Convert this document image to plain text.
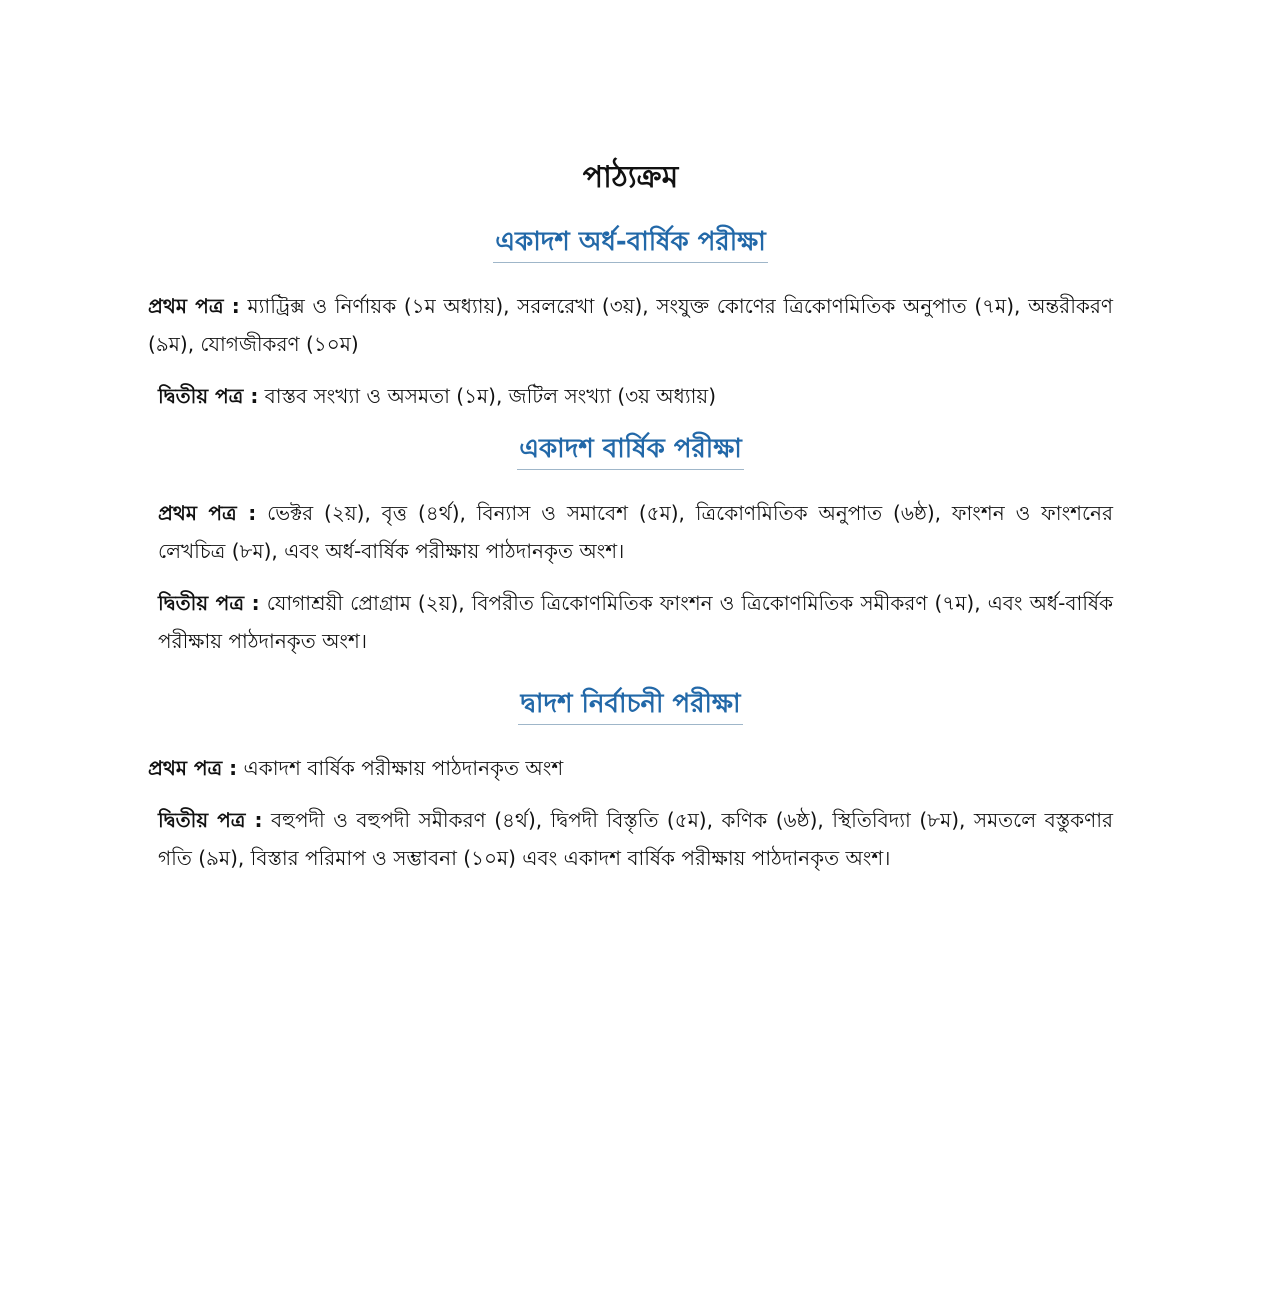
পাঠ্যক্রম
একাদশ অর্ধ-বার্ষিক পরীক্ষা

প্রথম পত্র : ম্যাট্রিক্স ও নির্ণায়ক (১ম অধ্যায়), সরলরেখা (৩য়), সংযুক্ত কোণের ত্রিকোণমিতিক অনুপাত (৭ম), অন্তরীকরণ (৯ম), যোগজীকরণ (১০ম)

দ্বিতীয় পত্র : বাস্তব সংখ্যা ও অসমতা (১ম), জটিল সংখ্যা (৩য় অধ্যায়)

একাদশ বার্ষিক পরীক্ষা

প্রথম পত্র : ভেক্টর (২য়), বৃত্ত (৪র্থ), বিন্যাস ও সমাবেশ (৫ম), ত্রিকোণমিতিক অনুপাত (৬ষ্ঠ), ফাংশন ও ফাংশনের লেখচিত্র (৮ম), এবং অর্ধ-বার্ষিক পরীক্ষায় পাঠদানকৃত অংশ।

দ্বিতীয় পত্র : যোগাশ্রয়ী প্রোগ্রাম (২য়), বিপরীত ত্রিকোণমিতিক ফাংশন ও ত্রিকোণমিতিক সমীকরণ (৭ম), এবং অর্ধ-বার্ষিক পরীক্ষায় পাঠদানকৃত অংশ।

দ্বাদশ নির্বাচনী পরীক্ষা

প্রথম পত্র : একাদশ বার্ষিক পরীক্ষায় পাঠদানকৃত অংশ

দ্বিতীয় পত্র : বহুপদী ও বহুপদী সমীকরণ (৪র্থ), দ্বিপদী বিস্তৃতি (৫ম), কণিক (৬ষ্ঠ), স্থিতিবিদ্যা (৮ম), সমতলে বস্তুকণার গতি (৯ম), বিস্তার পরিমাপ ও সম্ভাবনা (১০ম) এবং একাদশ বার্ষিক পরীক্ষায় পাঠদানকৃত অংশ।
